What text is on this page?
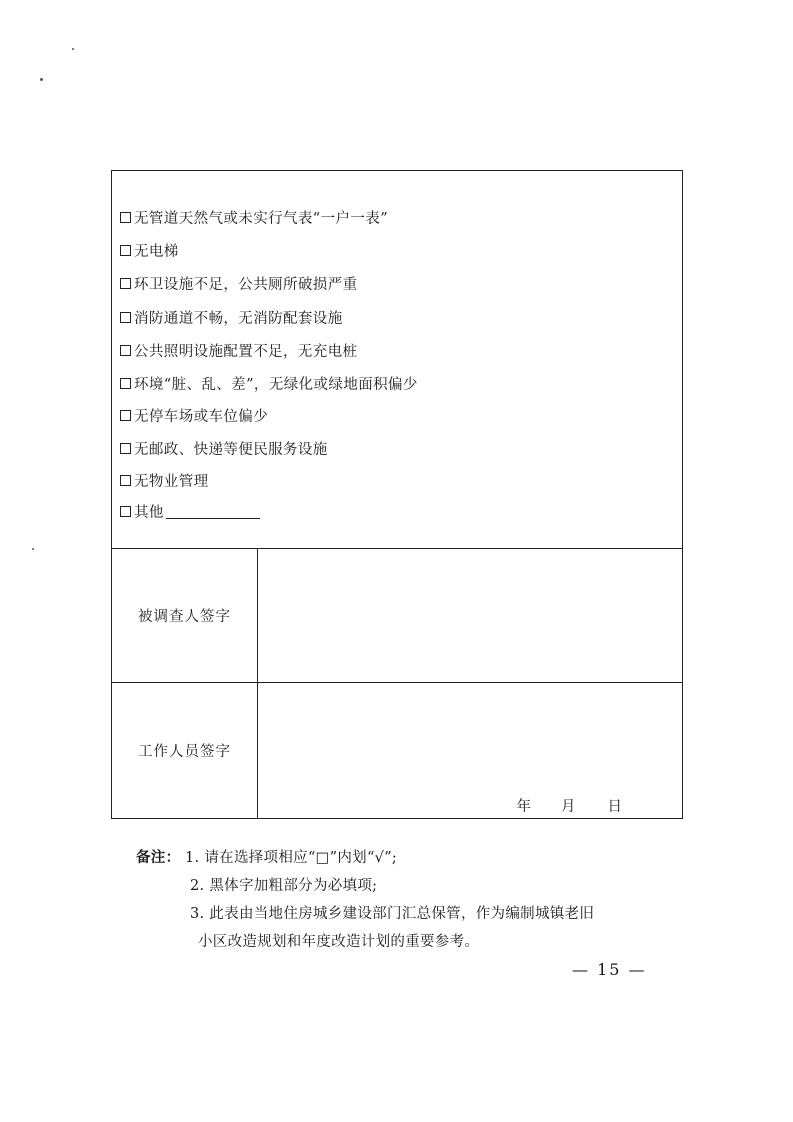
无管道天然气或未实行气表“一户一表”
无电梯
环卫设施不足，公共厕所破损严重
消防通道不畅，无消防配套设施
公共照明设施配置不足，无充电桩
环境“脏、乱、差”，无绿化或绿地面积偏少
无停车场或车位偏少
无邮政、快递等便民服务设施
无物业管理
其他
被调查人签字
工作人员签字
年 月 日
备注： 1. 请在选择项相应“□”内划“√”;
2. 黑体字加粗部分为必填项;
3. 此表由当地住房城乡建设部门汇总保管，作为编制城镇老旧
小区改造规划和年度改造计划的重要参考。
— 15 —
